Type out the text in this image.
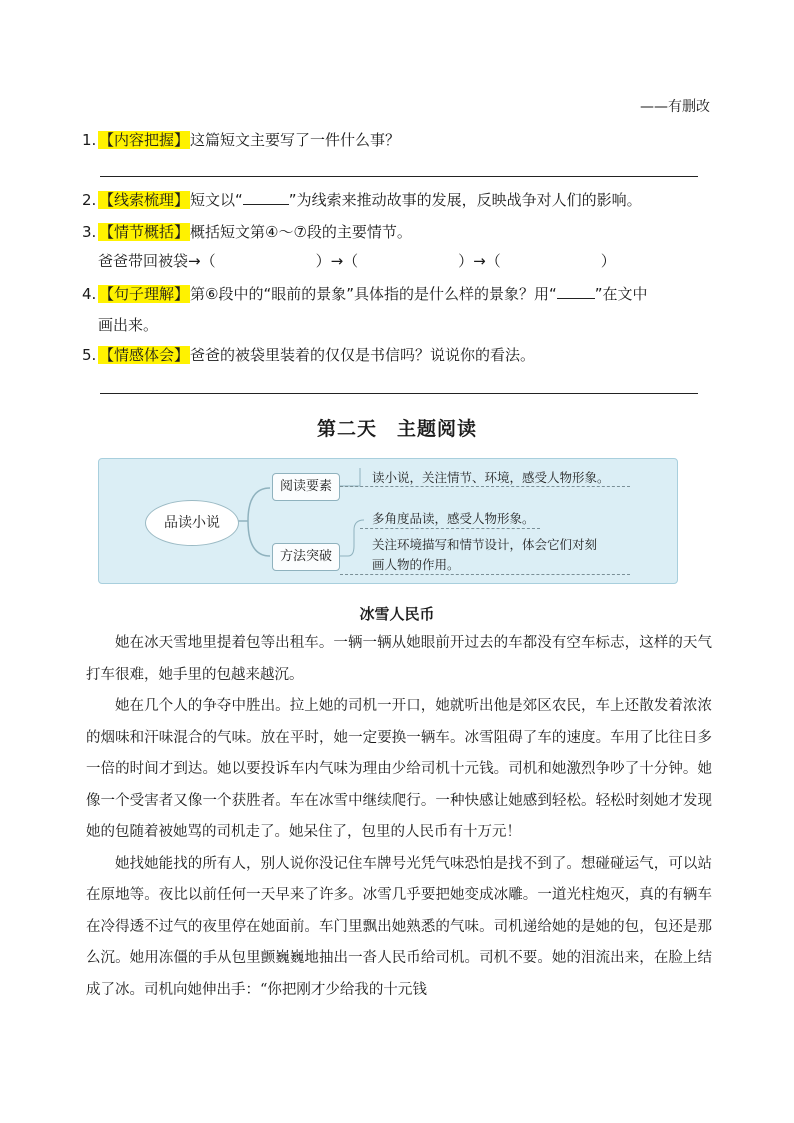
——有删改
1. 【内容把握】这篇短文主要写了一件什么事？
2. 【线索梳理】短文以“	”为线索来推动故事的发展，反映战争对人们的影响。
3. 【情节概括】概括短文第④～⑦段的主要情节。
爸爸带回被袋→（	）→（	）→（	）
4. 【句子理解】第⑥段中的“眼前的景象”具体指的是什么样的景象？用“	”在文中
画出来。
5. 【情感体会】爸爸的被袋里装着的仅仅是书信吗？说说你的看法。
第二天　主题阅读
品读小说
阅读要素
方法突破
读小说，关注情节、环境，感受人物形象。
多角度品读，感受人物形象。
关注环境描写和情节设计，体会它们对刻
画人物的作用。
冰雪人民币

她在冰天雪地里提着包等出租车。一辆一辆从她眼前开过去的车都没有空车标志，这样的天气打车很难，她手里的包越来越沉。

她在几个人的争夺中胜出。拉上她的司机一开口，她就听出他是郊区农民，车上还散发着浓浓的烟味和汗味混合的气味。放在平时，她一定要换一辆车。冰雪阻碍了车的速度。车用了比往日多一倍的时间才到达。她以要投诉车内气味为理由少给司机十元钱。司机和她激烈争吵了十分钟。她像一个受害者又像一个获胜者。车在冰雪中继续爬行。一种快感让她感到轻松。轻松时刻她才发现她的包随着被她骂的司机走了。她呆住了，包里的人民币有十万元！

她找她能找的所有人，别人说你没记住车牌号光凭气味恐怕是找不到了。想碰碰运气，可以站在原地等。夜比以前任何一天早来了许多。冰雪几乎要把她变成冰雕。一道光柱炮灭，真的有辆车在冷得透不过气的夜里停在她面前。车门里飘出她熟悉的气味。司机递给她的是她的包，包还是那么沉。她用冻僵的手从包里颤巍巍地抽出一沓人民币给司机。司机不要。她的泪流出来，在脸上结成了冰。司机向她伸出手：“你把刚才少给我的十元钱
